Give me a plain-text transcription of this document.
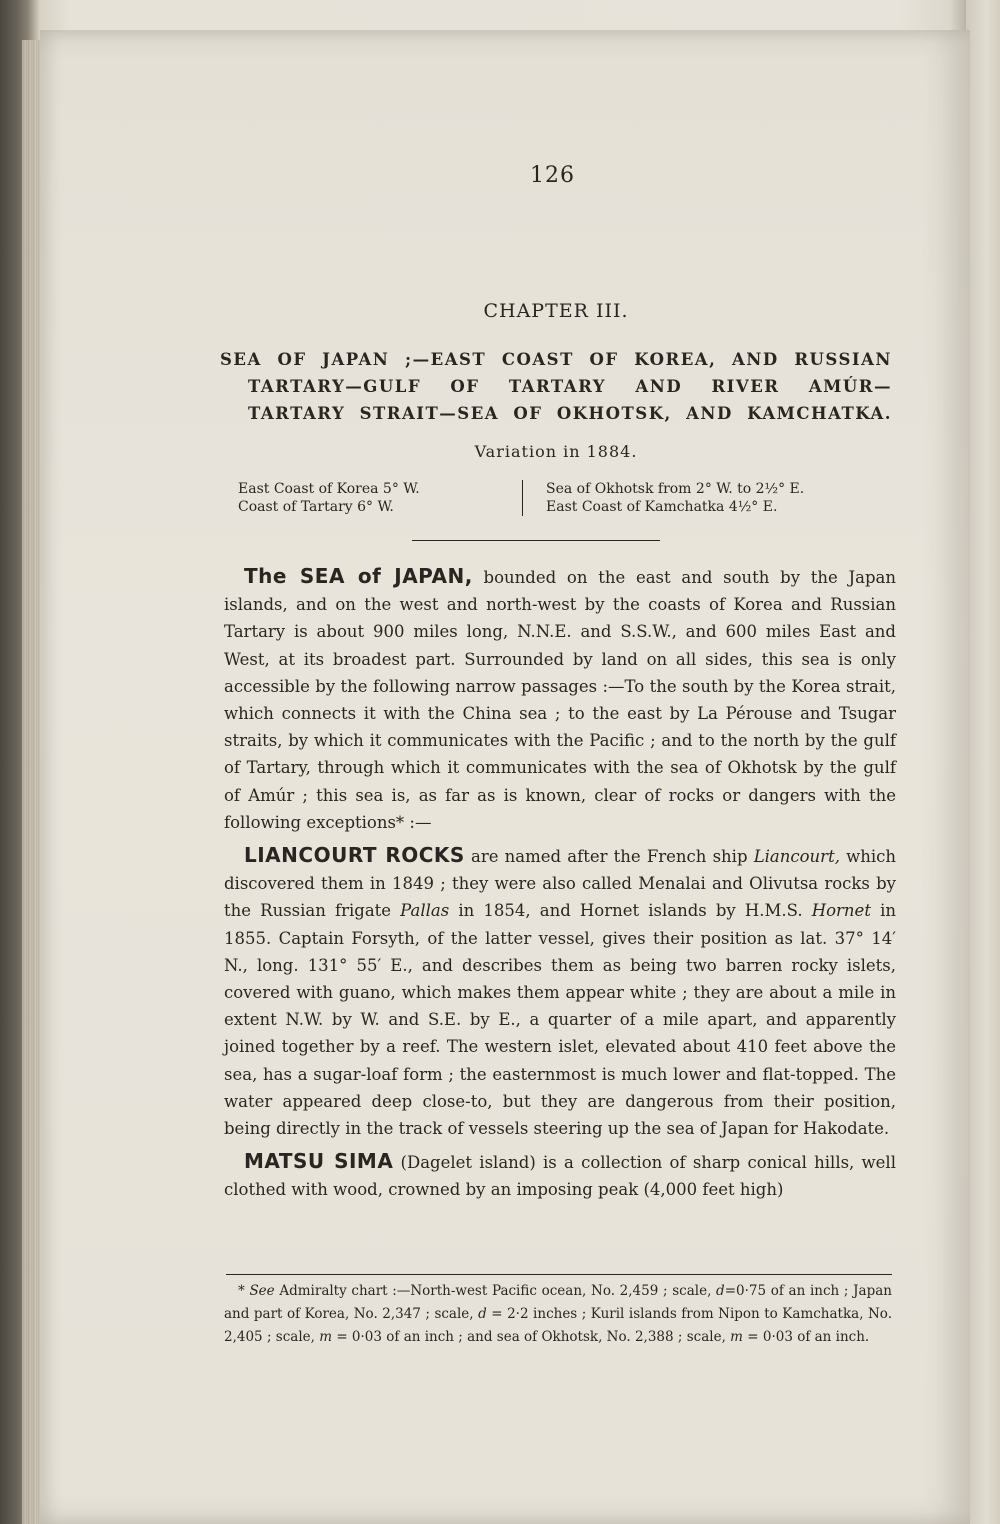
126
CHAPTER III.
SEA OF JAPAN ;—EAST COAST OF KOREA, AND RUSSIAN
TARTARY—GULF OF TARTARY AND RIVER AMÚR—
TARTARY STRAIT—SEA OF OKHOTSK, AND KAMCHATKA.
Variation in 1884.
East Coast of Korea 5° W.
Coast of Tartary 6° W.
Sea of Okhotsk from 2° W. to 2½° E.
East Coast of Kamchatka 4½° E.

The SEA of JAPAN, bounded on the east and south by the Japan islands, and on the west and north-west by the coasts of Korea and Russian Tartary is about 900 miles long, N.N.E. and S.S.W., and 600 miles East and West, at its broadest part. Surrounded by land on all sides, this sea is only accessible by the following narrow passages :—To the south by the Korea strait, which connects it with the China sea ; to the east by La Pérouse and Tsugar straits, by which it communicates with the Pacific ; and to the north by the gulf of Tartary, through which it communicates with the sea of Okhotsk by the gulf of Amúr ; this sea is, as far as is known, clear of rocks or dangers with the following exceptions* :—

LIANCOURT ROCKS are named after the French ship Liancourt, which discovered them in 1849 ; they were also called Menalai and Olivutsa rocks by the Russian frigate Pallas in 1854, and Hornet islands by H.M.S. Hornet in 1855. Captain Forsyth, of the latter vessel, gives their position as lat. 37° 14′ N., long. 131° 55′ E., and describes them as being two barren rocky islets, covered with guano, which makes them appear white ; they are about a mile in extent N.W. by W. and S.E. by E., a quarter of a mile apart, and apparently joined together by a reef. The western islet, elevated about 410 feet above the sea, has a sugar-loaf form ; the easternmost is much lower and flat-topped. The water appeared deep close-to, but they are dangerous from their position, being directly in the track of vessels steering up the sea of Japan for Hakodate.

MATSU SIMA (Dagelet island) is a collection of sharp conical hills, well clothed with wood, crowned by an imposing peak (4,000 feet high)

* See Admiralty chart :—North-west Pacific ocean, No. 2,459 ; scale, d=0·75 of an inch ; Japan and part of Korea, No. 2,347 ; scale, d = 2·2 inches ; Kuril islands from Nipon to Kamchatka, No. 2,405 ; scale, m = 0·03 of an inch ; and sea of Okhotsk, No. 2,388 ; scale, m = 0·03 of an inch.
